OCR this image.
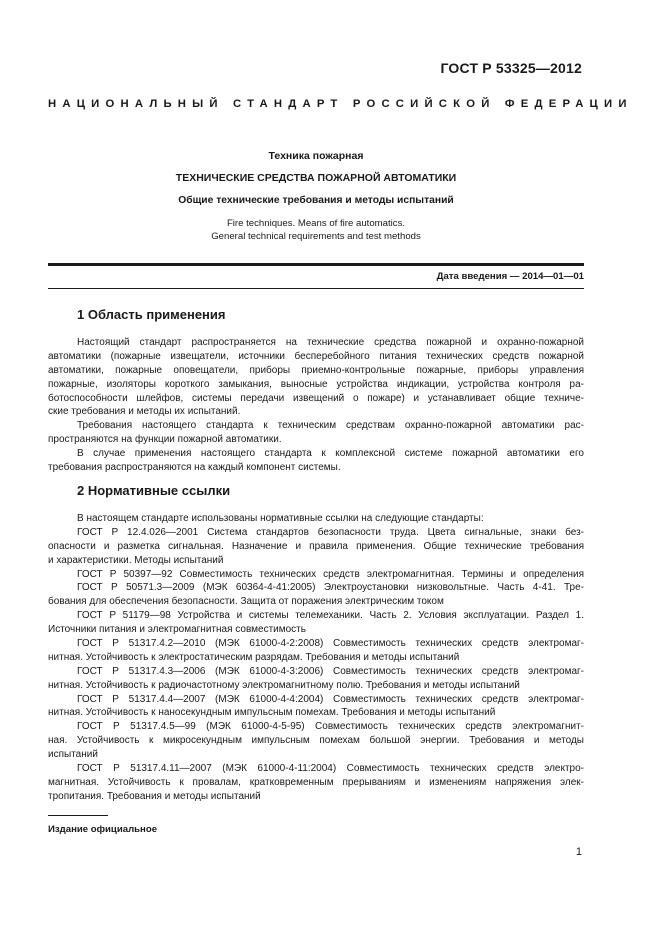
ГОСТ Р 53325—2012
НАЦИОНАЛЬНЫЙ СТАНДАРТ РОССИЙСКОЙ ФЕДЕРАЦИИ
Техника пожарная
ТЕХНИЧЕСКИЕ СРЕДСТВА ПОЖАРНОЙ АВТОМАТИКИ
Общие технические требования и методы испытаний
Fire techniques. Means of fire automatics.
General technical requirements and test methods
Дата введения — 2014—01—01
1 Область применения
Настоящий стандарт распространяется на технические средства пожарной и охранно-пожарной
автоматики (пожарные извещатели, источники бесперебойного питания технических средств пожарной
автоматики, пожарные оповещатели, приборы приемно-контрольные пожарные, приборы управления
пожарные, изоляторы короткого замыкания, выносные устройства индикации, устройства контроля ра-
ботоспособности шлейфов, системы передачи извещений о пожаре) и устанавливает общие техниче-
ские требования и методы их испытаний.
Требования настоящего стандарта к техническим средствам охранно-пожарной автоматики рас-
пространяются на функции пожарной автоматики.
В случае применения настоящего стандарта к комплексной системе пожарной автоматики его
требования распространяются на каждый компонент системы.
2 Нормативные ссылки
В настоящем стандарте использованы нормативные ссылки на следующие стандарты:
ГОСТ Р 12.4.026—2001 Система стандартов безопасности труда. Цвета сигнальные, знаки без-
опасности и разметка сигнальная. Назначение и правила применения. Общие технические требования
и характеристики. Методы испытаний
ГОСТ Р 50397—92 Совместимость технических средств электромагнитная. Термины и определения
ГОСТ Р 50571.3—2009 (МЭК 60364-4-41:2005) Электроустановки низковольтные. Часть 4-41. Тре-
бования для обеспечения безопасности. Защита от поражения электрическим током
ГОСТ Р 51179—98 Устройства и системы телемеханики. Часть 2. Условия эксплуатации. Раздел 1.
Источники питания и электромагнитная совместимость
ГОСТ Р 51317.4.2—2010 (МЭК 61000-4-2:2008) Совместимость технических средств электромаг-
нитная. Устойчивость к электростатическим разрядам. Требования и методы испытаний
ГОСТ Р 51317.4.3—2006 (МЭК 61000-4-3:2006) Совместимость технических средств электромаг-
нитная. Устойчивость к радиочастотному электромагнитному полю. Требования и методы испытаний
ГОСТ Р 51317.4.4—2007 (МЭК 61000-4-4:2004) Совместимость технических средств электромаг-
нитная. Устойчивость к наносекундным импульсным помехам. Требования и методы испытаний
ГОСТ Р 51317.4.5—99 (МЭК 61000-4-5-95) Совместимость технических средств электромагнит-
ная. Устойчивость к микросекундным импульсным помехам большой энергии. Требования и методы
испытаний
ГОСТ Р 51317.4.11—2007 (МЭК 61000-4-11:2004) Совместимость технических средств электро-
магнитная. Устойчивость к провалам, кратковременным прерываниям и изменениям напряжения элек-
тропитания. Требования и методы испытаний
Издание официальное
1
